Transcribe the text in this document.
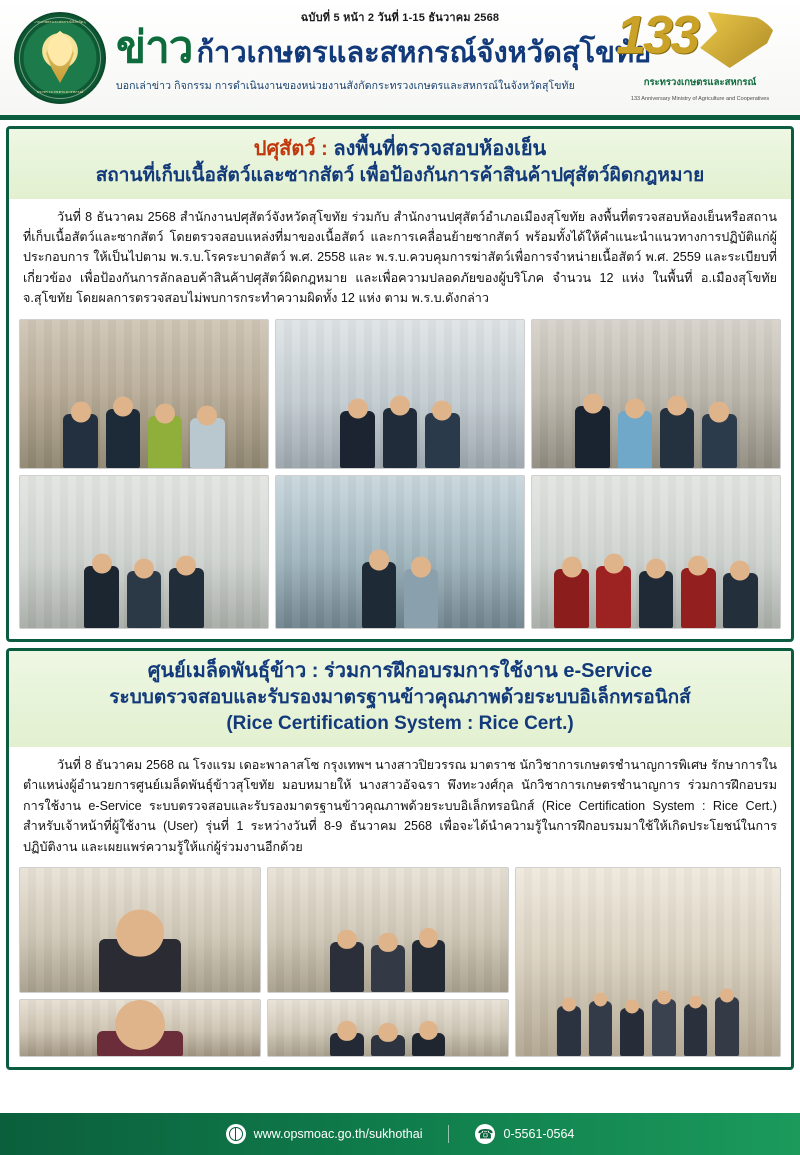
ฉบับที่ 5 หน้า 2 วันที่ 1-15 ธันวาคม 2568
สำนักงานเกษตรและสหกรณ์จังหวัดสุโขทัย
กระทรวงเกษตรและสหกรณ์
ข่าว ก้าวเกษตรและสหกรณ์จังหวัดสุโขทัย
บอกเล่าข่าว กิจกรรม การดำเนินงานของหน่วยงานสังกัดกระทรวงเกษตรและสหกรณ์ในจังหวัดสุโขทัย
133
กระทรวงเกษตรและสหกรณ์
133 Anniversary Ministry of Agriculture and Cooperatives
ปศุสัตว์ : ลงพื้นที่ตรวจสอบห้องเย็น
สถานที่เก็บเนื้อสัตว์และซากสัตว์ เพื่อป้องกันการค้าสินค้าปศุสัตว์ผิดกฎหมาย

วันที่ 8 ธันวาคม 2568 สำนักงานปศุสัตว์จังหวัดสุโขทัย ร่วมกับ สำนักงานปศุสัตว์อำเภอเมืองสุโขทัย ลงพื้นที่ตรวจสอบห้องเย็นหรือสถานที่เก็บเนื้อสัตว์และซากสัตว์ โดยตรวจสอบแหล่งที่มาของเนื้อสัตว์ และการเคลื่อนย้ายซากสัตว์ พร้อมทั้งได้ให้คำแนะนำแนวทางการปฏิบัติแก่ผู้ประกอบการ ให้เป็นไปตาม พ.ร.บ.โรคระบาดสัตว์ พ.ศ. 2558 และ พ.ร.บ.ควบคุมการฆ่าสัตว์เพื่อการจำหน่ายเนื้อสัตว์ พ.ศ. 2559 และระเบียบที่เกี่ยวข้อง เพื่อป้องกันการลักลอบค้าสินค้าปศุสัตว์ผิดกฎหมาย และเพื่อความปลอดภัยของผู้บริโภค จำนวน 12 แห่ง ในพื้นที่ อ.เมืองสุโขทัย จ.สุโขทัย โดยผลการตรวจสอบไม่พบการกระทำความผิดทั้ง 12 แห่ง ตาม พ.ร.บ.ดังกล่าว

ศูนย์เมล็ดพันธุ์ข้าว : ร่วมการฝึกอบรมการใช้งาน e-Service
ระบบตรวจสอบและรับรองมาตรฐานข้าวคุณภาพด้วยระบบอิเล็กทรอนิกส์
(Rice Certification System : Rice Cert.)

วันที่ 8 ธันวาคม 2568 ณ โรงแรม เดอะพาลาสโซ กรุงเทพฯ นางสาวปิยวรรณ มาตราช นักวิชาการเกษตรชำนาญการพิเศษ รักษาการในตำแหน่งผู้อำนวยการศูนย์เมล็ดพันธุ์ข้าวสุโขทัย มอบหมายให้ นางสาวอัจฉรา พึงทะวงศ์กุล นักวิชาการเกษตรชำนาญการ ร่วมการฝึกอบรมการใช้งาน e-Service ระบบตรวจสอบและรับรองมาตรฐานข้าวคุณภาพด้วยระบบอิเล็กทรอนิกส์ (Rice Certification System : Rice Cert.) สำหรับเจ้าหน้าที่ผู้ใช้งาน (User) รุ่นที่ 1 ระหว่างวันที่ 8-9 ธันวาคม 2568 เพื่อจะได้นำความรู้ในการฝึกอบรมมาใช้ให้เกิดประโยชน์ในการปฏิบัติงาน และเผยแพร่ความรู้ให้แก่ผู้ร่วมงานอีกด้วย

www.opsmoac.go.th/sukhothai ☎	0-5561-0564
